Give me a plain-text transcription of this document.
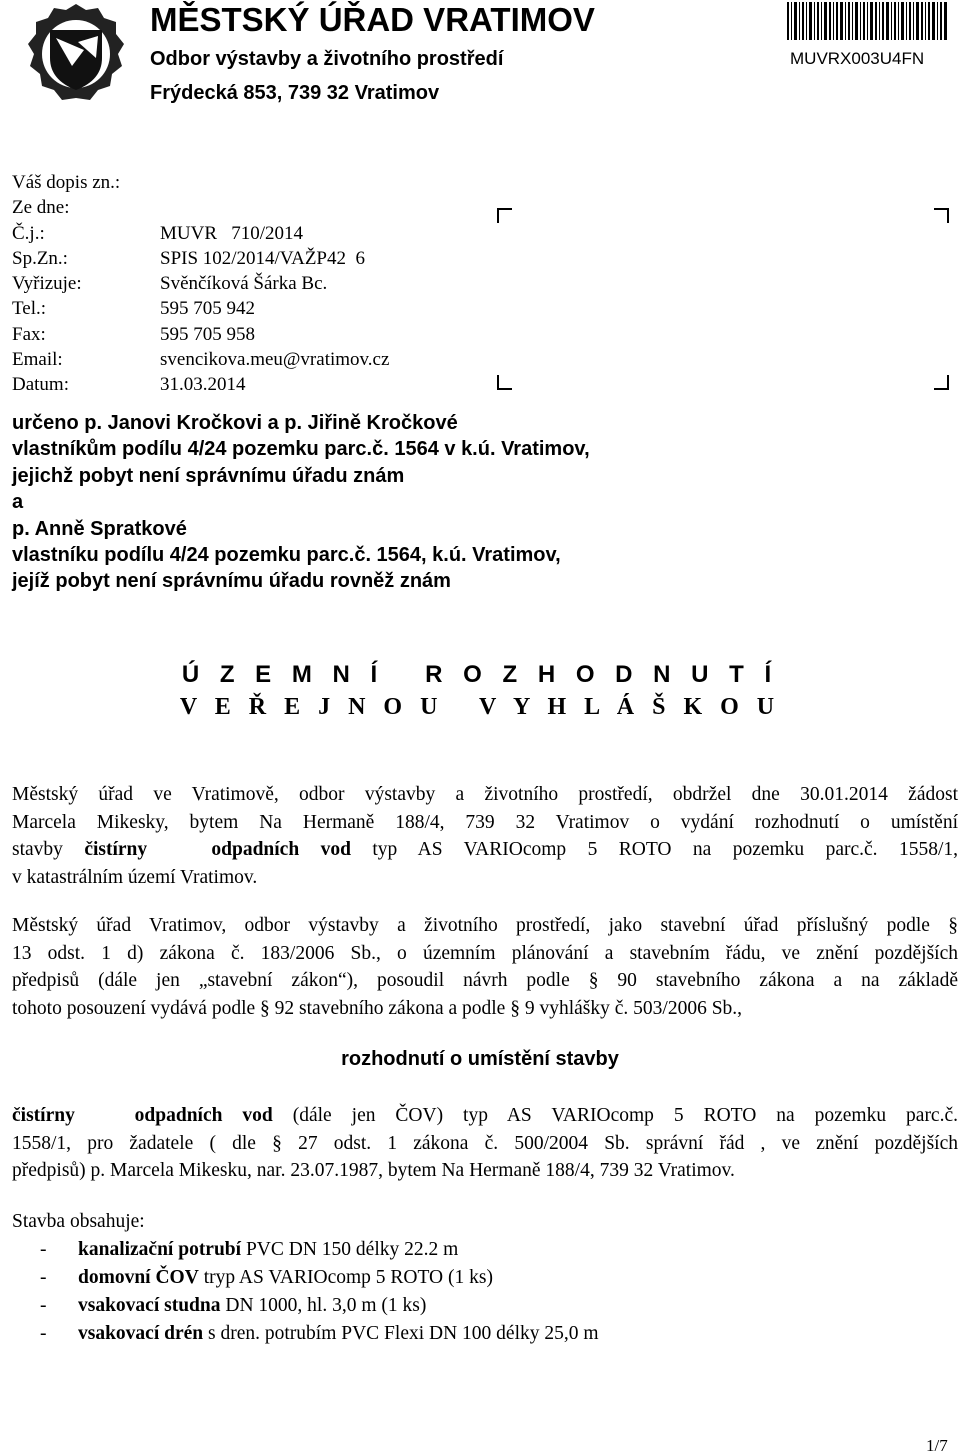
MĚSTSKÝ ÚŘAD VRATIMOV
Odbor výstavby a životního prostředí
Frýdecká 853, 739 32 Vratimov
MUVRX003U4FN
Váš dopis zn.:
Ze dne:
Č.j.:	MUVR   710/2014
Sp.Zn.:	SPIS 102/2014/VAŽP42  6
Vyřizuje:	Svěnčíková Šárka Bc.
Tel.:	595 705 942
Fax:	595 705 958
Email:	svencikova.meu@vratimov.cz
Datum:	31.03.2014
určeno p. Janovi Kročkovi a p. Jiřině Kročkové
vlastníkům podílu 4/24 pozemku parc.č. 1564 v k.ú. Vratimov,
jejichž pobyt není správnímu úřadu znám
a
p. Anně Spratkové
vlastníku podílu 4/24 pozemku parc.č. 1564, k.ú. Vratimov,
jejíž pobyt není správnímu úřadu rovněž znám
Ú Z E M N Í   R O Z H O D N U T Í
V E Ř E J N O U   V Y H L Á Š K O U
Městský úřad ve Vratimově, odbor výstavby a životního prostředí, obdržel dne 30.01.2014 žádost
Marcela Mikesky, bytem Na Hermaně 188/4, 739 32 Vratimov o vydání rozhodnutí o umístění
stavby čistírny   odpadních vod typ AS VARIOcomp 5 ROTO na pozemku parc.č. 1558/1,
v katastrálním území Vratimov.
Městský úřad Vratimov, odbor výstavby a životního prostředí, jako stavební úřad příslušný podle §
13 odst. 1 d) zákona č. 183/2006 Sb., o územním plánování a stavebním řádu, ve znění pozdějších
předpisů (dále jen „stavební zákon“), posoudil návrh podle § 90 stavebního zákona a na základě
tohoto posouzení vydává podle § 92 stavebního zákona a podle § 9 vyhlášky č. 503/2006 Sb.,
rozhodnutí o umístění stavby
čistírny   odpadních vod (dále jen ČOV) typ AS VARIOcomp 5 ROTO na pozemku parc.č.
1558/1, pro žadatele ( dle § 27 odst. 1 zákona č. 500/2004 Sb. správní řád , ve znění pozdějších
předpisů) p. Marcela Mikesku, nar. 23.07.1987, bytem Na Hermaně 188/4, 739 32 Vratimov.
Stavba obsahuje:
-	kanalizační potrubí PVC DN 150 délky 22.2 m
-	domovní ČOV tryp AS VARIOcomp 5 ROTO (1 ks)
-	vsakovací studna DN 1000, hl. 3,0 m (1 ks)
-	vsakovací drén s dren. potrubím PVC Flexi DN 100 délky 25,0 m
1/7
